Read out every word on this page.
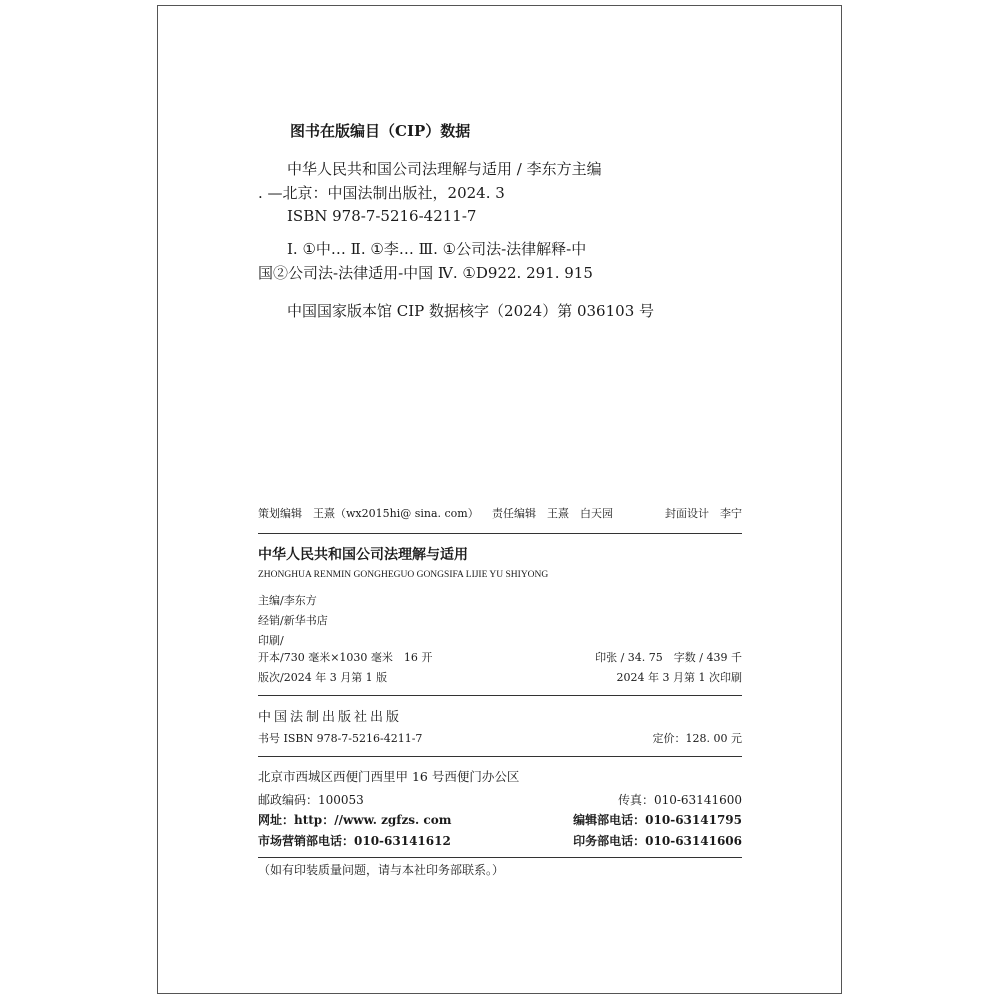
图书在版编目（CIP）数据
中华人民共和国公司法理解与适用 / 李东方主编
. —北京：中国法制出版社，2024. 3
ISBN 978-7-5216-4211-7
Ⅰ. ①中… Ⅱ. ①李… Ⅲ. ①公司法-法律解释-中
国②公司法-法律适用-中国 Ⅳ. ①D922. 291. 915
中国国家版本馆 CIP 数据核字（2024）第 036103 号
策划编辑　王熹（wx2015hi@ sina. com） 责任编辑　王熹　白天园	封面设计　李宁
中华人民共和国公司法理解与适用
ZHONGHUA RENMIN GONGHEGUO GONGSIFA LIJIE YU SHIYONG
主编/李东方
经销/新华书店
印刷/
开本/730 毫米×1030 毫米　16 开	印张 / 34. 75　字数 / 439 千
版次/2024 年 3 月第 1 版	2024 年 3 月第 1 次印刷
中国法制出版社出版
书号 ISBN 978-7-5216-4211-7	定价：128. 00 元
北京市西城区西便门西里甲 16 号西便门办公区
邮政编码：100053	传真：010-63141600
网址：http：//www. zgfzs. com	编辑部电话：010-63141795
市场营销部电话：010-63141612	印务部电话：010-63141606
（如有印装质量问题，请与本社印务部联系。）
